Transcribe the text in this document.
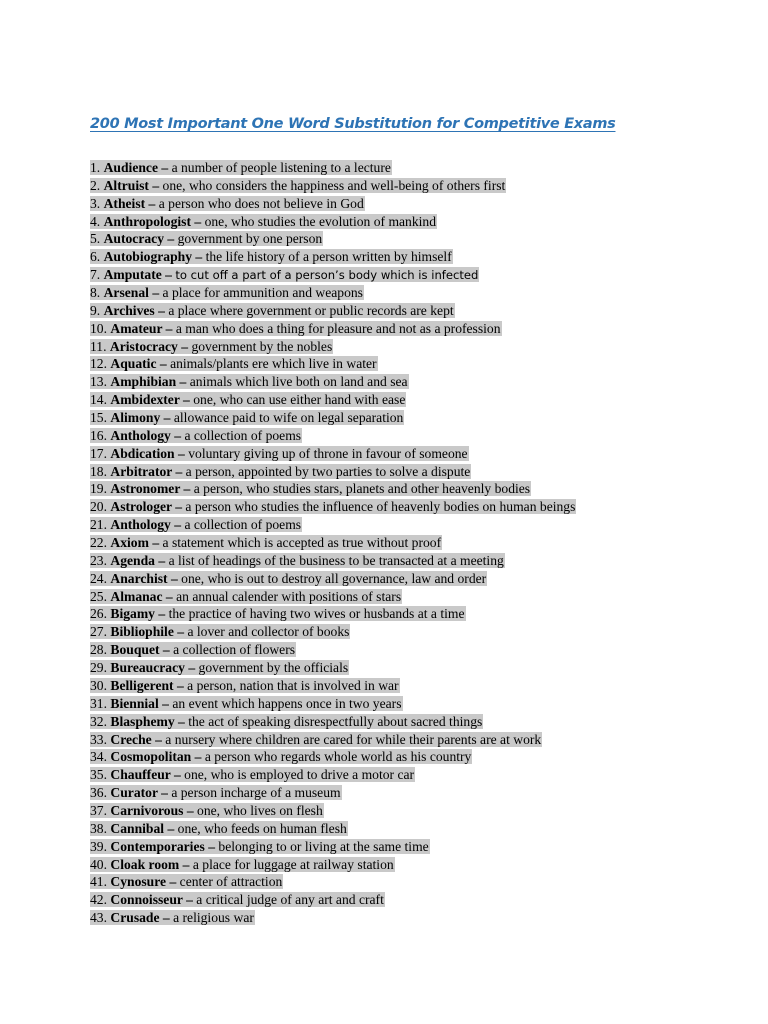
200 Most Important One Word Substitution for Competitive Exams
1. Audience – a number of people listening to a lecture
2. Altruist – one, who considers the happiness and well-being of others first
3. Atheist – a person who does not believe in God
4. Anthropologist – one, who studies the evolution of mankind
5. Autocracy – government by one person
6. Autobiography – the life history of a person written by himself
7. Amputate – to cut off a part of a person’s body which is infected
8. Arsenal – a place for ammunition and weapons
9. Archives – a place where government or public records are kept
10. Amateur – a man who does a thing for pleasure and not as a profession
11. Aristocracy – government by the nobles
12. Aquatic – animals/plants ere which live in water
13. Amphibian – animals which live both on land and sea
14. Ambidexter – one, who can use either hand with ease
15. Alimony – allowance paid to wife on legal separation
16. Anthology – a collection of poems
17. Abdication – voluntary giving up of throne in favour of someone
18. Arbitrator – a person, appointed by two parties to solve a dispute
19. Astronomer – a person, who studies stars, planets and other heavenly bodies
20. Astrologer – a person who studies the influence of heavenly bodies on human beings
21. Anthology – a collection of poems
22. Axiom – a statement which is accepted as true without proof
23. Agenda – a list of headings of the business to be transacted at a meeting
24. Anarchist – one, who is out to destroy all governance, law and order
25. Almanac – an annual calender with positions of stars
26. Bigamy – the practice of having two wives or husbands at a time
27. Bibliophile – a lover and collector of books
28. Bouquet – a collection of flowers
29. Bureaucracy – government by the officials
30. Belligerent – a person, nation that is involved in war
31. Biennial – an event which happens once in two years
32. Blasphemy – the act of speaking disrespectfully about sacred things
33. Creche – a nursery where children are cared for while their parents are at work
34. Cosmopolitan – a person who regards whole world as his country
35. Chauffeur – one, who is employed to drive a motor car
36. Curator – a person incharge of a museum
37. Carnivorous – one, who lives on flesh
38. Cannibal – one, who feeds on human flesh
39. Contemporaries – belonging to or living at the same time
40. Cloak room – a place for luggage at railway station
41. Cynosure – center of attraction
42. Connoisseur – a critical judge of any art and craft
43. Crusade – a religious war
